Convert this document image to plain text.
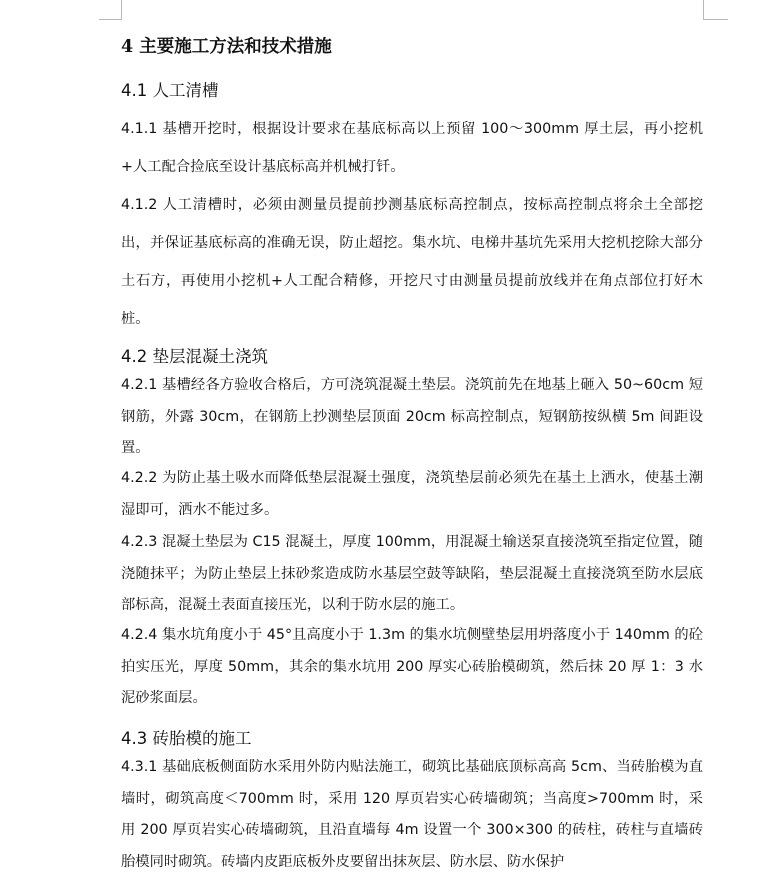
4 主要施工方法和技术措施
4.1 人工清槽

4.1.1 基槽开挖时，根据设计要求在基底标高以上预留 100～300mm 厚土层，再小挖机+人工配合捡底至设计基底标高并机械打钎。

4.1.2 人工清槽时，必须由测量员提前抄测基底标高控制点，按标高控制点将余土全部挖出，并保证基底标高的准确无误，防止超挖。集水坑、电梯井基坑先采用大挖机挖除大部分土石方，再使用小挖机+人工配合精修，开挖尺寸由测量员提前放线并在角点部位打好木桩。

4.2 垫层混凝土浇筑

4.2.1 基槽经各方验收合格后，方可浇筑混凝土垫层。浇筑前先在地基上砸入 50~60cm 短钢筋，外露 30cm，在钢筋上抄测垫层顶面 20cm 标高控制点，短钢筋按纵横 5m 间距设置。

4.2.2 为防止基土吸水而降低垫层混凝土强度，浇筑垫层前必须先在基土上洒水，使基土潮湿即可，洒水不能过多。

4.2.3 混凝土垫层为 C15 混凝土，厚度 100mm，用混凝土输送泵直接浇筑至指定位置，随浇随抹平；为防止垫层上抹砂浆造成防水基层空鼓等缺陷，垫层混凝土直接浇筑至防水层底部标高，混凝土表面直接压光，以利于防水层的施工。

4.2.4 集水坑角度小于 45°且高度小于 1.3m 的集水坑侧壁垫层用坍落度小于 140mm 的砼拍实压光，厚度 50mm，其余的集水坑用 200 厚实心砖胎模砌筑，然后抹 20 厚 1：3 水泥砂浆面层。

4.3 砖胎模的施工

4.3.1 基础底板侧面防水采用外防内贴法施工，砌筑比基础底顶标高高 5cm、当砖胎模为直墙时，砌筑高度＜700mm 时，采用 120 厚页岩实心砖墙砌筑；当高度>700mm 时，采用 200 厚页岩实心砖墙砌筑，且沿直墙每 4m 设置一个 300×300 的砖柱，砖柱与直墙砖胎模同时砌筑。砖墙内皮距底板外皮要留出抹灰层、防水层、防水保护
